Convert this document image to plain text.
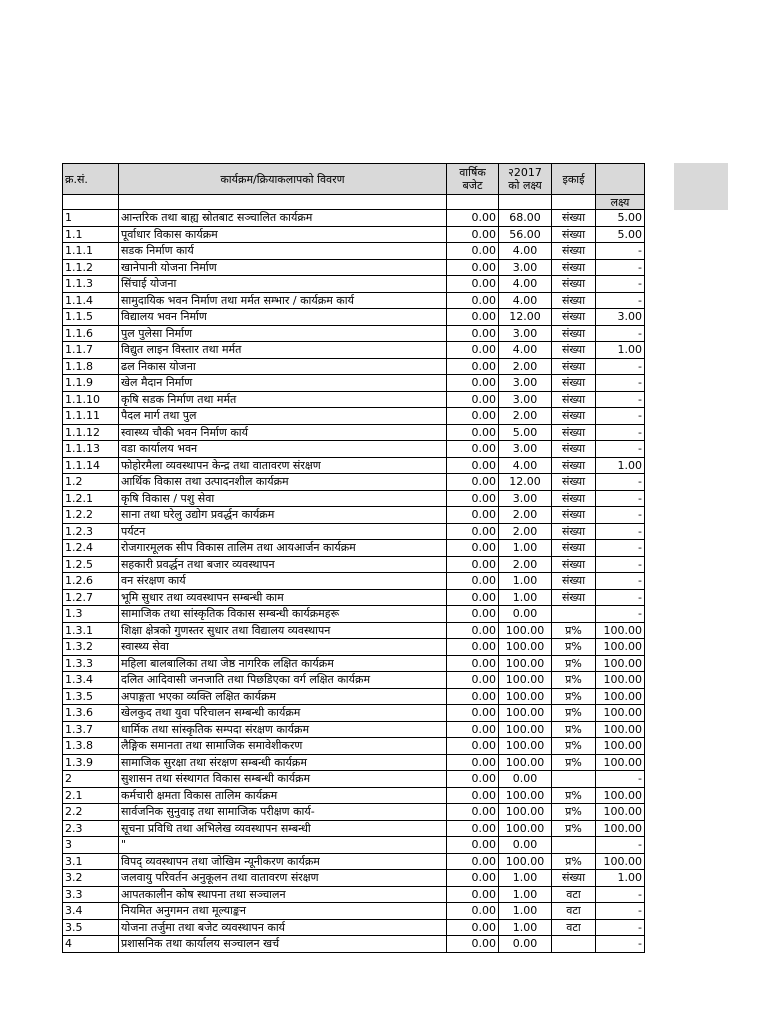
क्र.सं.	कार्यक्रम/क्रियाकलापको विवरण	वार्षिक बजेट	२2017 को लक्ष्य	इकाई	
					लक्ष्य
1	आन्तरिक तथा बाह्य स्रोतबाट सञ्चालित कार्यक्रम	0.00	68.00	संख्या	5.00
1.1	पूर्वाधार विकास कार्यक्रम	0.00	56.00	संख्या	5.00
1.1.1	सडक निर्माण कार्य	0.00	4.00	संख्या	-
1.1.2	खानेपानी योजना निर्माण	0.00	3.00	संख्या	-
1.1.3	सिंचाई योजना	0.00	4.00	संख्या	-
1.1.4	सामुदायिक भवन निर्माण तथा मर्मत सम्भार / कार्यक्रम कार्य	0.00	4.00	संख्या	-
1.1.5	विद्यालय भवन निर्माण	0.00	12.00	संख्या	3.00
1.1.6	पुल पुलेसा निर्माण	0.00	3.00	संख्या	-
1.1.7	विद्युत लाइन विस्तार तथा मर्मत	0.00	4.00	संख्या	1.00
1.1.8	ढल निकास योजना	0.00	2.00	संख्या	-
1.1.9	खेल मैदान निर्माण	0.00	3.00	संख्या	-
1.1.10	कृषि सडक निर्माण तथा मर्मत	0.00	3.00	संख्या	-
1.1.11	पैदल मार्ग तथा पुल	0.00	2.00	संख्या	-
1.1.12	स्वास्थ्य चौकी भवन निर्माण कार्य	0.00	5.00	संख्या	-
1.1.13	वडा कार्यालय भवन	0.00	3.00	संख्या	-
1.1.14	फोहोरमैला व्यवस्थापन केन्द्र तथा वातावरण संरक्षण	0.00	4.00	संख्या	1.00
1.2	आर्थिक विकास तथा उत्पादनशील कार्यक्रम	0.00	12.00	संख्या	-
1.2.1	कृषि विकास / पशु सेवा	0.00	3.00	संख्या	-
1.2.2	साना तथा घरेलु उद्योग प्रवर्द्धन कार्यक्रम	0.00	2.00	संख्या	-
1.2.3	पर्यटन	0.00	2.00	संख्या	-
1.2.4	रोजगारमूलक सीप विकास तालिम तथा आयआर्जन कार्यक्रम	0.00	1.00	संख्या	-
1.2.5	सहकारी प्रवर्द्धन तथा बजार व्यवस्थापन	0.00	2.00	संख्या	-
1.2.6	वन संरक्षण कार्य	0.00	1.00	संख्या	-
1.2.7	भूमि सुधार तथा व्यवस्थापन सम्बन्धी काम	0.00	1.00	संख्या	-
1.3	सामाजिक तथा सांस्कृतिक विकास सम्बन्धी कार्यक्रमहरू	0.00	0.00		-
1.3.1	शिक्षा क्षेत्रको गुणस्तर सुधार तथा विद्यालय व्यवस्थापन	0.00	100.00	प्र%	100.00
1.3.2	स्वास्थ्य सेवा	0.00	100.00	प्र%	100.00
1.3.3	महिला बालबालिका तथा जेष्ठ नागरिक लक्षित कार्यक्रम	0.00	100.00	प्र%	100.00
1.3.4	दलित आदिवासी जनजाति तथा पिछडिएका वर्ग लक्षित कार्यक्रम	0.00	100.00	प्र%	100.00
1.3.5	अपाङ्गता भएका व्यक्ति लक्षित कार्यक्रम	0.00	100.00	प्र%	100.00
1.3.6	खेलकुद तथा युवा परिचालन सम्बन्धी कार्यक्रम	0.00	100.00	प्र%	100.00
1.3.7	धार्मिक तथा सांस्कृतिक सम्पदा संरक्षण कार्यक्रम	0.00	100.00	प्र%	100.00
1.3.8	लैङ्गिक समानता तथा सामाजिक समावेशीकरण	0.00	100.00	प्र%	100.00
1.3.9	सामाजिक सुरक्षा तथा संरक्षण सम्बन्धी कार्यक्रम	0.00	100.00	प्र%	100.00
2	सुशासन तथा संस्थागत विकास सम्बन्धी कार्यक्रम	0.00	0.00		-
2.1	कर्मचारी क्षमता विकास तालिम कार्यक्रम	0.00	100.00	प्र%	100.00
2.2	सार्वजनिक सुनुवाइ तथा सामाजिक परीक्षण कार्य-	0.00	100.00	प्र%	100.00
2.3	सूचना प्रविधि तथा अभिलेख व्यवस्थापन सम्बन्धी	0.00	100.00	प्र%	100.00
3	"	0.00	0.00		-
3.1	विपद् व्यवस्थापन तथा जोखिम न्यूनीकरण कार्यक्रम	0.00	100.00	प्र%	100.00
3.2	जलवायु परिवर्तन अनुकूलन तथा वातावरण संरक्षण	0.00	1.00	संख्या	1.00
3.3	आपतकालीन कोष स्थापना तथा सञ्चालन	0.00	1.00	वटा	-
3.4	नियमित अनुगमन तथा मूल्याङ्कन	0.00	1.00	वटा	-
3.5	योजना तर्जुमा तथा बजेट व्यवस्थापन कार्य	0.00	1.00	वटा	-
4	प्रशासनिक तथा कार्यालय सञ्चालन खर्च	0.00	0.00		-
